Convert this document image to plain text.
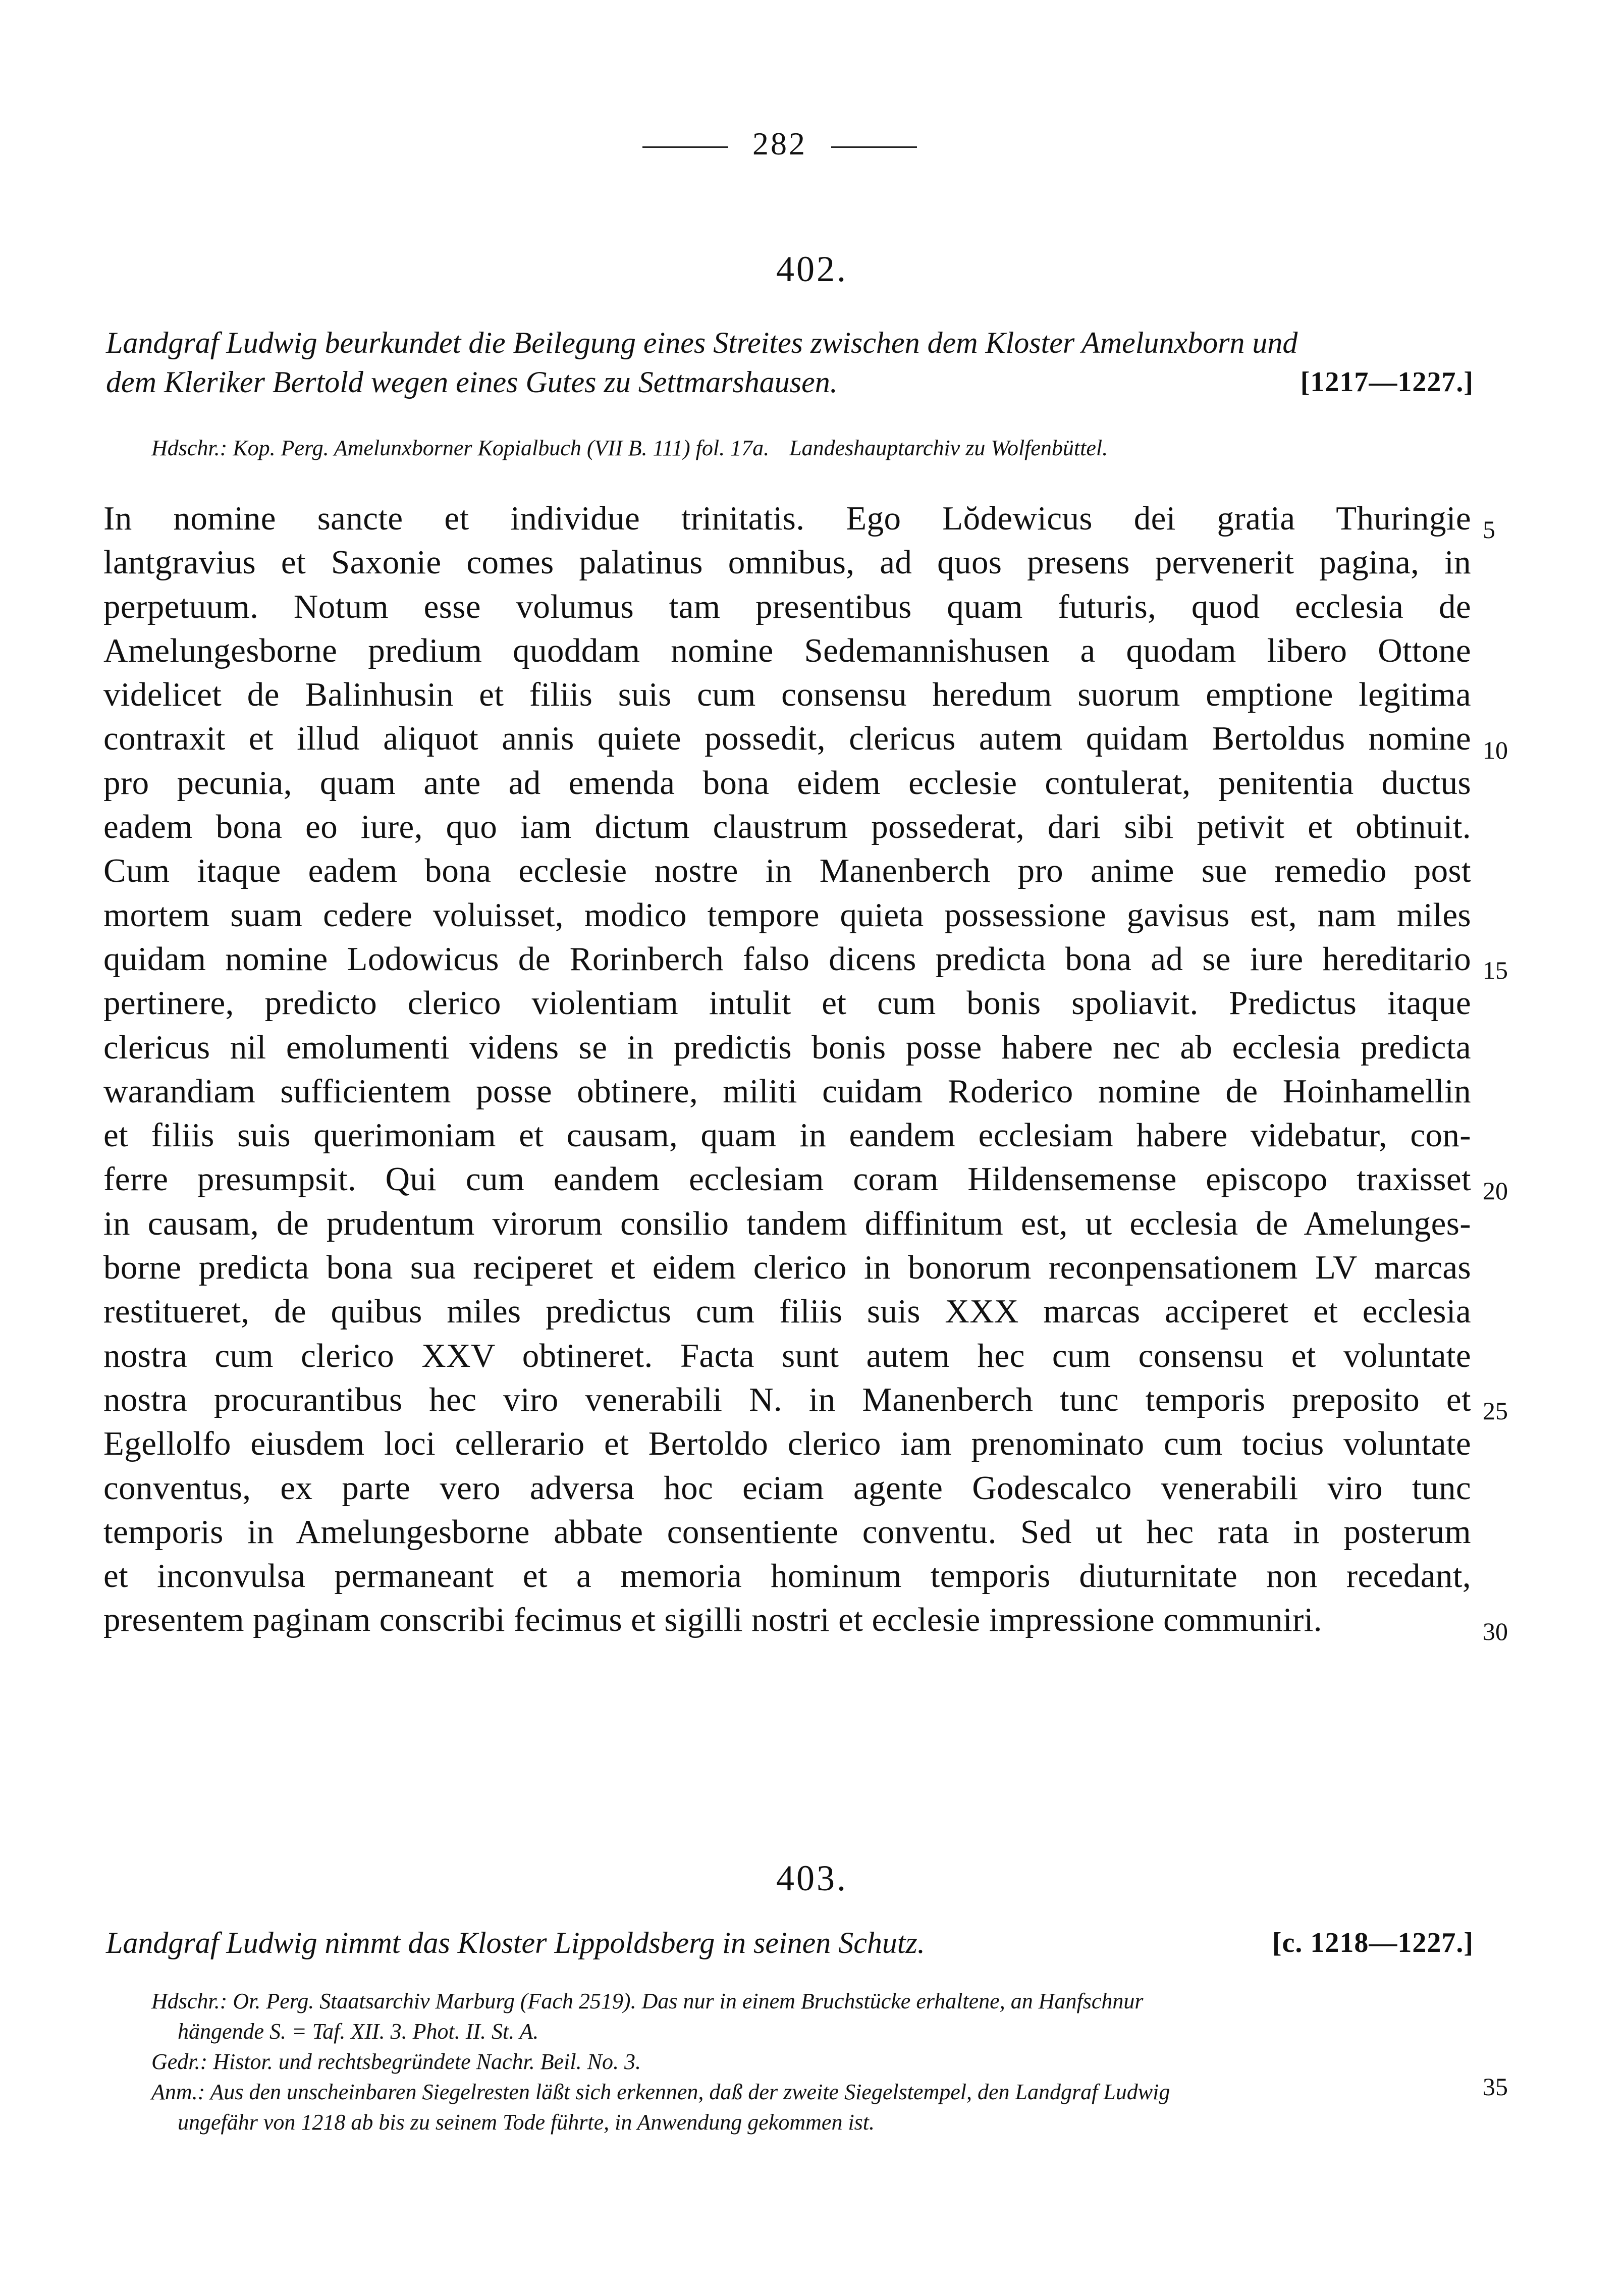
282
402.
Landgraf Ludwig beurkundet die Beilegung eines Streites zwischen dem Kloster Amelunxborn und
dem Kleriker Bertold wegen eines Gutes zu Settmarshausen.	[1217—1227.]
Hdschr.: Kop. Perg. Amelunxborner Kopialbuch (VII B. 111) fol. 17a. Landeshauptarchiv zu Wolfenbüttel.
In nomine sancte et individue trinitatis. Ego Lŏdewicus dei gratia Thuringie
lantgravius et Saxonie comes palatinus omnibus, ad quos presens pervenerit pagina, in
perpetuum. Notum esse volumus tam presentibus quam futuris, quod ecclesia de
Amelungesborne predium quoddam nomine Sedemannishusen a quodam libero Ottone
videlicet de Balinhusin et filiis suis cum consensu heredum suorum emptione legitima
contraxit et illud aliquot annis quiete possedit, clericus autem quidam Bertoldus nomine
pro pecunia, quam ante ad emenda bona eidem ecclesie contulerat, penitentia ductus
eadem bona eo iure, quo iam dictum claustrum possederat, dari sibi petivit et obtinuit.
Cum itaque eadem bona ecclesie nostre in Manenberch pro anime sue remedio post
mortem suam cedere voluisset, modico tempore quieta possessione gavisus est, nam miles
quidam nomine Lodowicus de Rorinberch falso dicens predicta bona ad se iure hereditario
pertinere, predicto clerico violentiam intulit et cum bonis spoliavit. Predictus itaque
clericus nil emolumenti videns se in predictis bonis posse habere nec ab ecclesia predicta
warandiam sufficientem posse obtinere, militi cuidam Roderico nomine de Hoinhamellin
et filiis suis querimoniam et causam, quam in eandem ecclesiam habere videbatur, con-
ferre presumpsit. Qui cum eandem ecclesiam coram Hildensemense episcopo traxisset
in causam, de prudentum virorum consilio tandem diffinitum est, ut ecclesia de Amelunges-
borne predicta bona sua reciperet et eidem clerico in bonorum reconpensationem LV marcas
restitueret, de quibus miles predictus cum filiis suis XXX marcas acciperet et ecclesia
nostra cum clerico XXV obtineret. Facta sunt autem hec cum consensu et voluntate
nostra procurantibus hec viro venerabili N. in Manenberch tunc temporis preposito et
Egellolfo eiusdem loci cellerario et Bertoldo clerico iam prenominato cum tocius voluntate
conventus, ex parte vero adversa hoc eciam agente Godescalco venerabili viro tunc
temporis in Amelungesborne abbate consentiente conventu. Sed ut hec rata in posterum
et inconvulsa permaneant et a memoria hominum temporis diuturnitate non recedant,
presentem paginam conscribi fecimus et sigilli nostri et ecclesie impressione communiri.
5
10
15
20
25
30
403.
Landgraf Ludwig nimmt das Kloster Lippoldsberg in seinen Schutz.	[c. 1218—1227.]
Hdschr.: Or. Perg. Staatsarchiv Marburg (Fach 2519). Das nur in einem Bruchstücke erhaltene, an Hanfschnur
hängende S. = Taf. XII. 3. Phot. II. St. A.
Gedr.: Histor. und rechtsbegründete Nachr. Beil. No. 3.
Anm.: Aus den unscheinbaren Siegelresten läßt sich erkennen, daß der zweite Siegelstempel, den Landgraf Ludwig
ungefähr von 1218 ab bis zu seinem Tode führte, in Anwendung gekommen ist.
35
